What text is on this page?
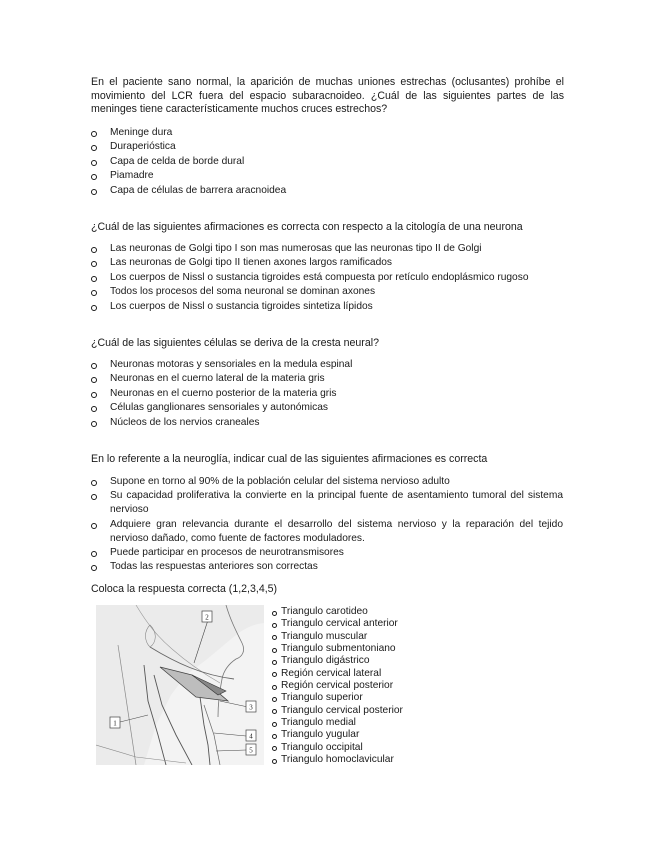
En el paciente sano normal, la aparición de muchas uniones estrechas (oclusantes) prohíbe el movimiento del LCR fuera del espacio subaracnoideo. ¿Cuál de las siguientes partes de las meninges tiene característicamente muchos cruces estrechos?

Meninge dura
Duraperióstica
Capa de celda de borde dural
Piamadre
Capa de células de barrera aracnoidea

¿Cuál de las siguientes afirmaciones es correcta con respecto a la citología de una neurona

Las neuronas de Golgi tipo I son mas numerosas que las neuronas tipo II de Golgi
Las neuronas de Golgi tipo II tienen axones largos ramificados
Los cuerpos de Nissl o sustancia tigroides está compuesta por retículo endoplásmico rugoso
Todos los procesos del soma neuronal se dominan axones
Los cuerpos de Nissl o sustancia tigroides sintetiza lípidos

¿Cuál de las siguientes células se deriva de la cresta neural?

Neuronas motoras y sensoriales en la medula espinal
Neuronas en el cuerno lateral de la materia gris
Neuronas en el cuerno posterior de la materia gris
Células ganglionares sensoriales y autonómicas
Núcleos de los nervios craneales

En lo referente a la neuroglía, indicar cual de las siguientes afirmaciones es correcta

Supone en torno al 90% de la población celular del sistema nervioso adulto
Su capacidad proliferativa la convierte en la principal fuente de asentamiento tumoral del sistema nervioso
Adquiere gran relevancia durante el desarrollo del sistema nervioso y la reparación del tejido nervioso dañado, como fuente de factores moduladores.
Puede participar en procesos de neurotransmisores
Todas las respuestas anteriores son correctas

Coloca la respuesta correcta (1,2,3,4,5)

2
1
3
4
5
Triangulo carotideo
Triangulo cervical anterior
Triangulo muscular
Triangulo submentoniano
Triangulo digástrico
Región cervical lateral
Región cervical posterior
Triangulo superior
Triangulo cervical posterior
Triangulo medial
Triangulo yugular
Triangulo occipital
Triangulo homoclavicular
